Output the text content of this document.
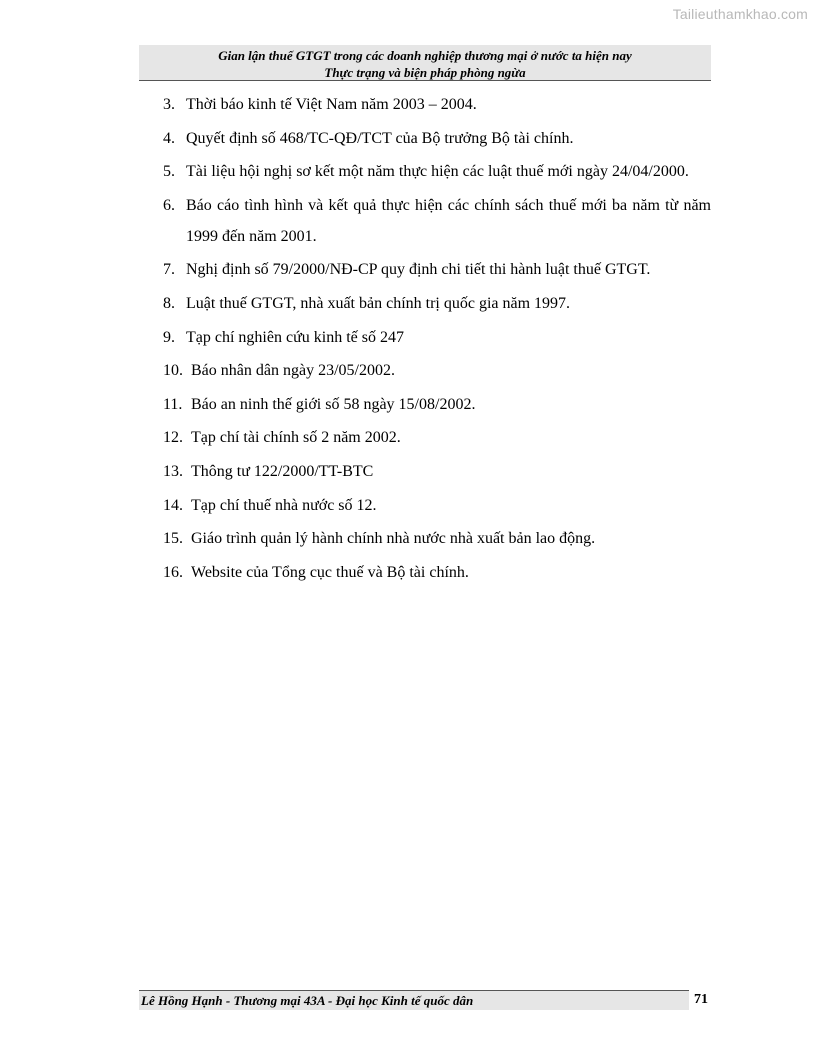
Tailieuthamkhao.com
Gian lận thuế GTGT trong các doanh nghiệp thương mại ở nước ta hiện nay
Thực trạng và biện pháp phòng ngừa
3. Thời báo kinh tế Việt Nam năm 2003 – 2004.
4. Quyết định số 468/TC-QĐ/TCT của Bộ trưởng Bộ tài chính.
5. Tài liệu hội nghị sơ kết một năm thực hiện các luật thuế mới ngày 24/04/2000.
6. Báo cáo tình hình và kết quả thực hiện các chính sách thuế mới ba năm từ năm 1999 đến năm 2001.
7. Nghị định số 79/2000/NĐ-CP quy định chi tiết thi hành luật thuế GTGT.
8. Luật thuế GTGT, nhà xuất bản chính trị quốc gia năm 1997.
9. Tạp chí nghiên cứu kinh tế số 247
10. Báo nhân dân ngày 23/05/2002.
11. Báo an ninh thế giới số 58 ngày 15/08/2002.
12. Tạp chí tài chính số 2 năm 2002.
13. Thông tư 122/2000/TT-BTC
14. Tạp chí thuế nhà nước số 12.
15. Giáo trình quản lý hành chính nhà nước nhà xuất bản lao động.
16. Website của Tổng cục thuế và Bộ tài chính.
Lê Hồng Hạnh - Thương mại 43A - Đại học Kinh tế quốc dân	71
